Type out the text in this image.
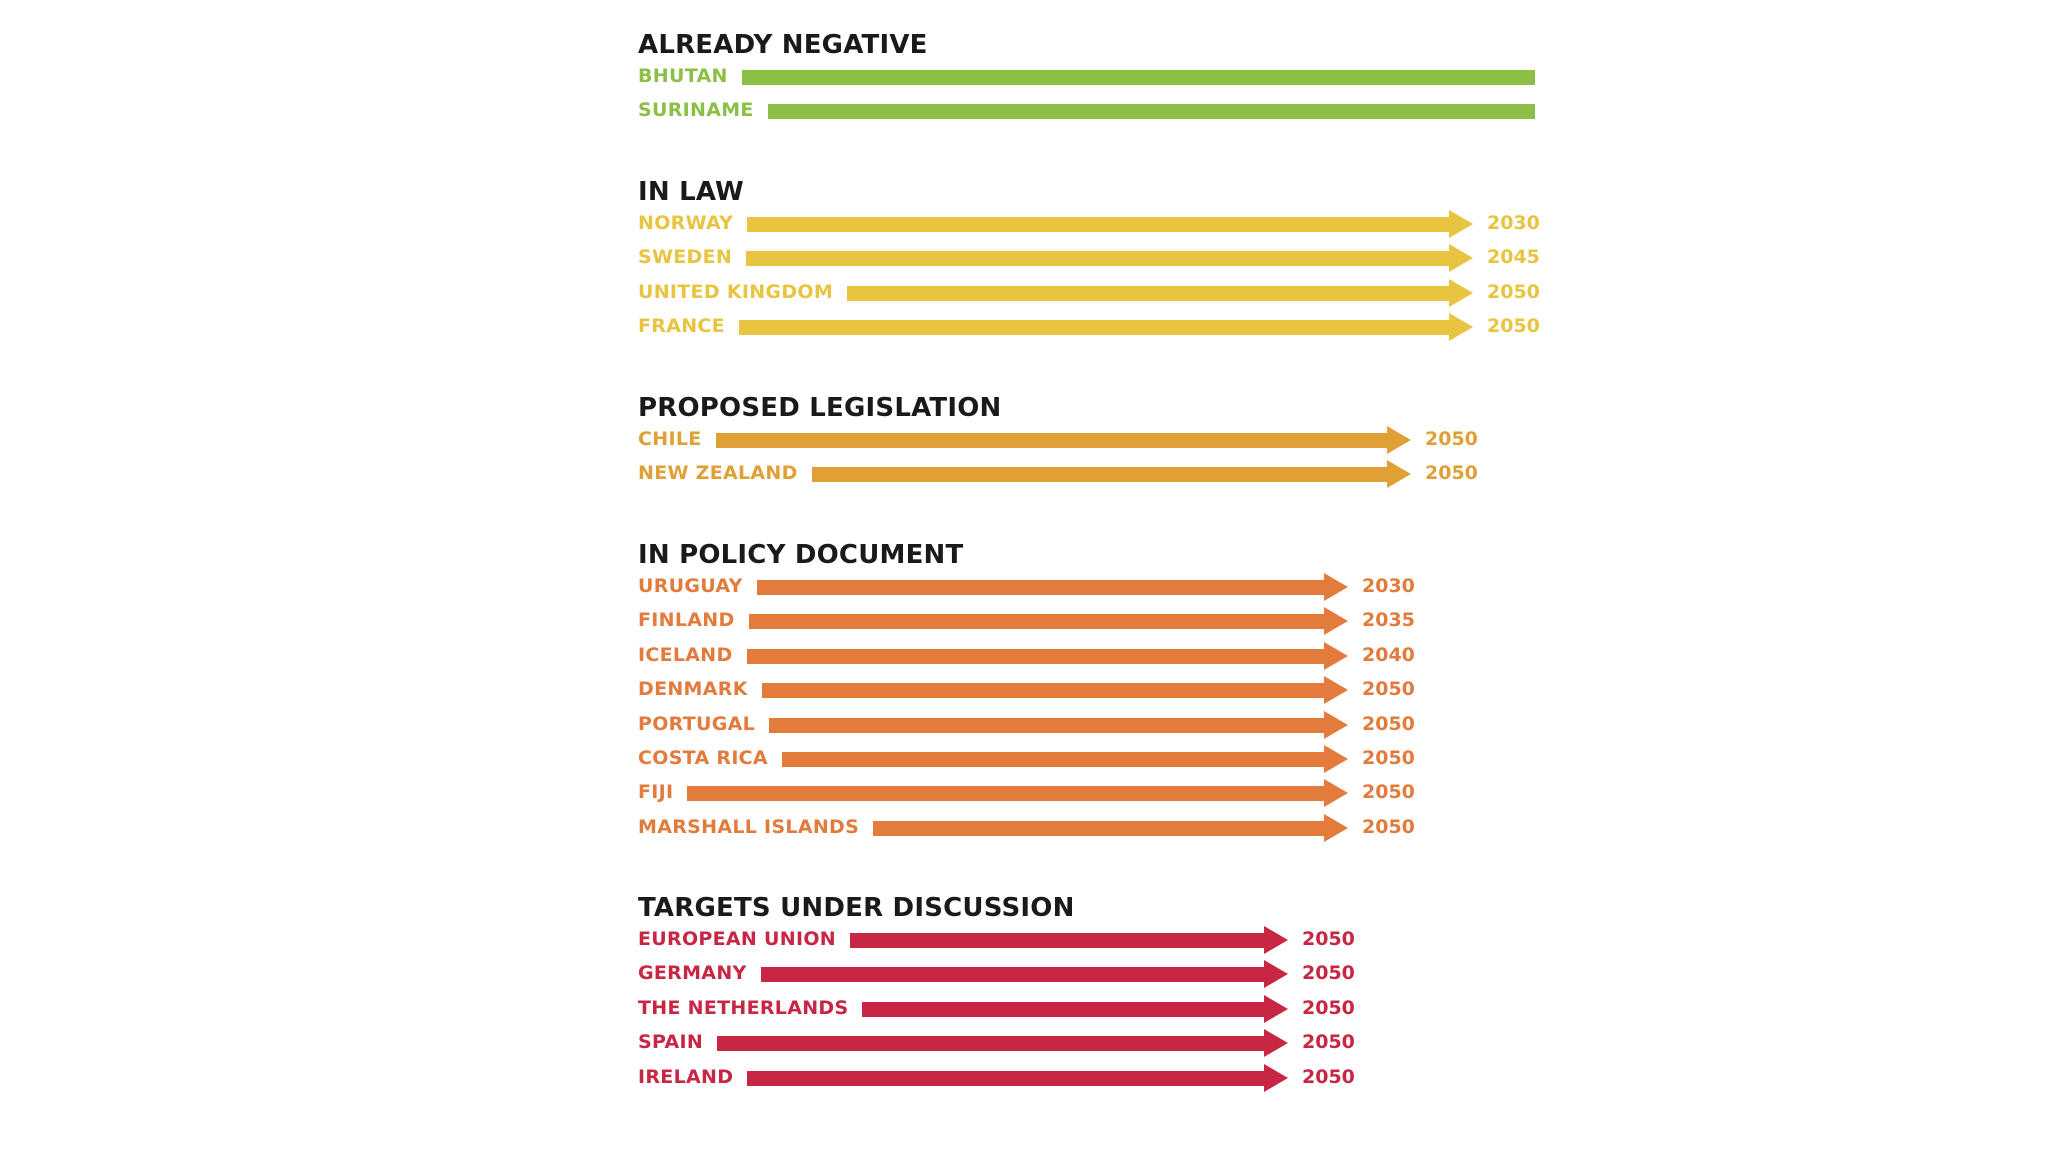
ALREADY NEGATIVE
BHUTAN
SURINAME
IN LAW
NORWAY	2030
SWEDEN	2045
UNITED KINGDOM	2050
FRANCE	2050
PROPOSED LEGISLATION
CHILE	2050
NEW ZEALAND	2050
IN POLICY DOCUMENT
URUGUAY	2030
FINLAND	2035
ICELAND	2040
DENMARK	2050
PORTUGAL	2050
COSTA RICA	2050
FIJI	2050
MARSHALL ISLANDS	2050
TARGETS UNDER DISCUSSION
EUROPEAN UNION	2050
GERMANY	2050
THE NETHERLANDS	2050
SPAIN	2050
IRELAND	2050
